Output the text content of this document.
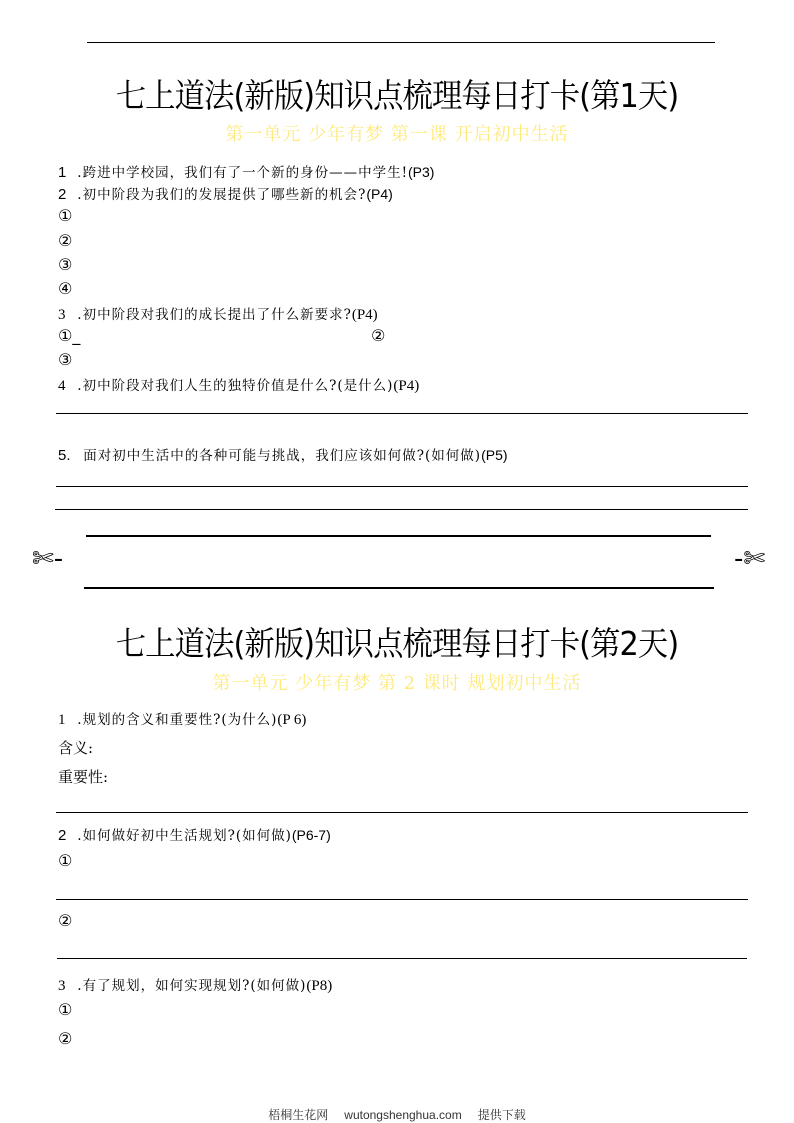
七上道法(新版)知识点梳理每日打卡(第1天)
第一单元 少年有梦 第一课 开启初中生活
1 .跨进中学校园，我们有了一个新的身份——中学生!(P3)
2 .初中阶段为我们的发展提供了哪些新的机会?(P4)
①
②
③
④
3 .初中阶段对我们的成长提出了什么新要求?(P4)
①_	②
③
4 .初中阶段对我们人生的独特价值是什么?(是什么)(P4)
5. 面对初中生活中的各种可能与挑战，我们应该如何做?(如何做)(P5)
✄-	-✄
七上道法(新版)知识点梳理每日打卡(第2天)
第一单元 少年有梦 第 2 课时 规划初中生活
1 .规划的含义和重要性?(为什么)(P 6)
含义:
重要性:
2 .如何做好初中生活规划?(如何做)(P6-7)
①
②
3 .有了规划，如何实现规划?(如何做)(P8)
①
②
梧桐生花网 wutongshenghua.com 提供下载
